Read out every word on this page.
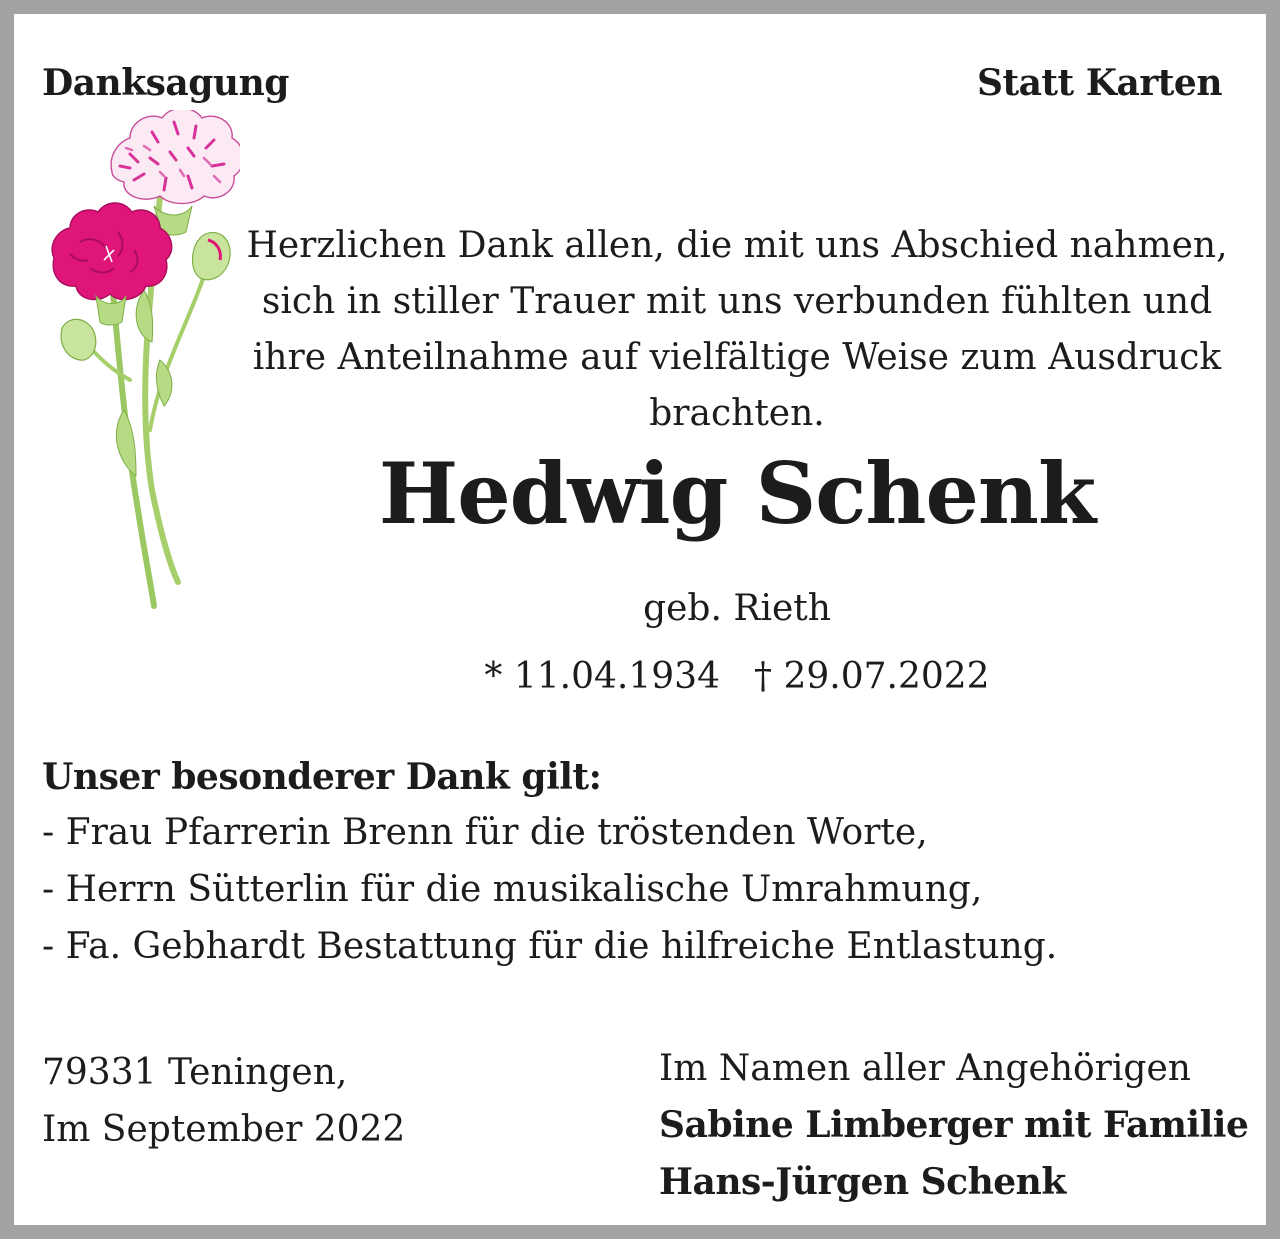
Danksagung	Statt Karten
Herzlichen Dank allen, die mit uns Abschied nahmen,
sich in stiller Trauer mit uns verbunden fühlten und
ihre Anteilnahme auf vielfältige Weise zum Ausdruck
brachten.
Hedwig Schenk
geb. Rieth
* 11.04.1934 † 29.07.2022
Unser besonderer Dank gilt:
- Frau Pfarrerin Brenn für die tröstenden Worte,
- Herrn Sütterlin für die musikalische Umrahmung,
- Fa. Gebhardt Bestattung für die hilfreiche Entlastung.
79331 Teningen,
Im September 2022
Im Namen aller Angehörigen
Sabine Limberger mit Familie
Hans-Jürgen Schenk
